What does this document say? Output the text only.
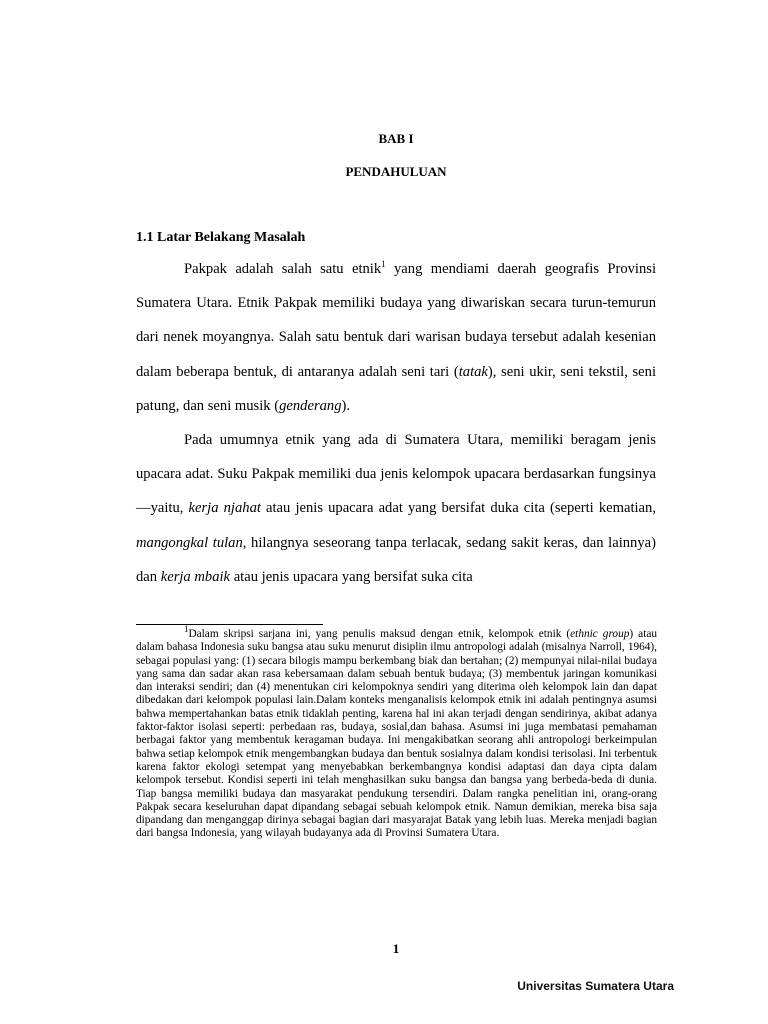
BAB I
PENDAHULUAN
1.1 Latar Belakang Masalah

Pakpak adalah salah satu etnik$^1$ yang mendiami daerah geografis Provinsi Sumatera Utara. Etnik Pakpak memiliki budaya yang diwariskan secara turun-temurun dari nenek moyangnya. Salah satu bentuk dari warisan budaya tersebut adalah kesenian dalam beberapa bentuk, di antaranya adalah seni tari (tatak), seni ukir, seni tekstil, seni patung, dan seni musik (genderang).

Pada umumnya etnik yang ada di Sumatera Utara, memiliki beragam jenis upacara adat. Suku Pakpak memiliki dua jenis kelompok upacara berdasarkan fungsinya—yaitu, kerja njahat atau jenis upacara adat yang bersifat duka cita (seperti kematian, mangongkal tulan, hilangnya seseorang tanpa terlacak, sedang sakit keras, dan lainnya) dan kerja mbaik atau jenis upacara yang bersifat suka cita

$^1$Dalam skripsi sarjana ini, yang penulis maksud dengan etnik, kelompok etnik (ethnic group) atau dalam bahasa Indonesia suku bangsa atau suku menurut disiplin ilmu antropologi adalah (misalnya Narroll, 1964), sebagai populasi yang: (1) secara bilogis mampu berkembang biak dan bertahan; (2) mempunyai nilai-nilai budaya yang sama dan sadar akan rasa kebersamaan dalam sebuah bentuk budaya; (3) membentuk jaringan komunikasi dan interaksi sendiri; dan (4) menentukan ciri kelompoknya sendiri yang diterima oleh kelompok lain dan dapat dibedakan dari kelompok populasi lain.Dalam konteks menganalisis kelompok etnik ini adalah pentingnya asumsi bahwa mempertahankan batas etnik tidaklah penting, karena hal ini akan terjadi dengan sendirinya, akibat adanya faktor-faktor isolasi seperti: perbedaan ras, budaya, sosial,dan bahasa. Asumsi ini juga membatasi pemahaman berbagai faktor yang membentuk keragaman budaya. Ini mengakibatkan seorang ahli antropologi berkeimpulan bahwa setiap kelompok etnik mengembangkan budaya dan bentuk sosialnya dalam kondisi terisolasi. Ini terbentuk karena faktor ekologi setempat yang menyebabkan berkembangnya kondisi adaptasi dan daya cipta dalam kelompok tersebut. Kondisi seperti ini telah menghasilkan suku bangsa dan bangsa yang berbeda-beda di dunia. Tiap bangsa memiliki budaya dan masyarakat pendukung tersendiri. Dalam rangka penelitian ini, orang-orang Pakpak secara keseluruhan dapat dipandang sebagai sebuah kelompok etnik. Namun demikian, mereka bisa saja dipandang dan menganggap dirinya sebagai bagian dari masyarajat Batak yang lebih luas. Mereka menjadi bagian dari bangsa Indonesia, yang wilayah budayanya ada di Provinsi Sumatera Utara.

1
Universitas Sumatera Utara
